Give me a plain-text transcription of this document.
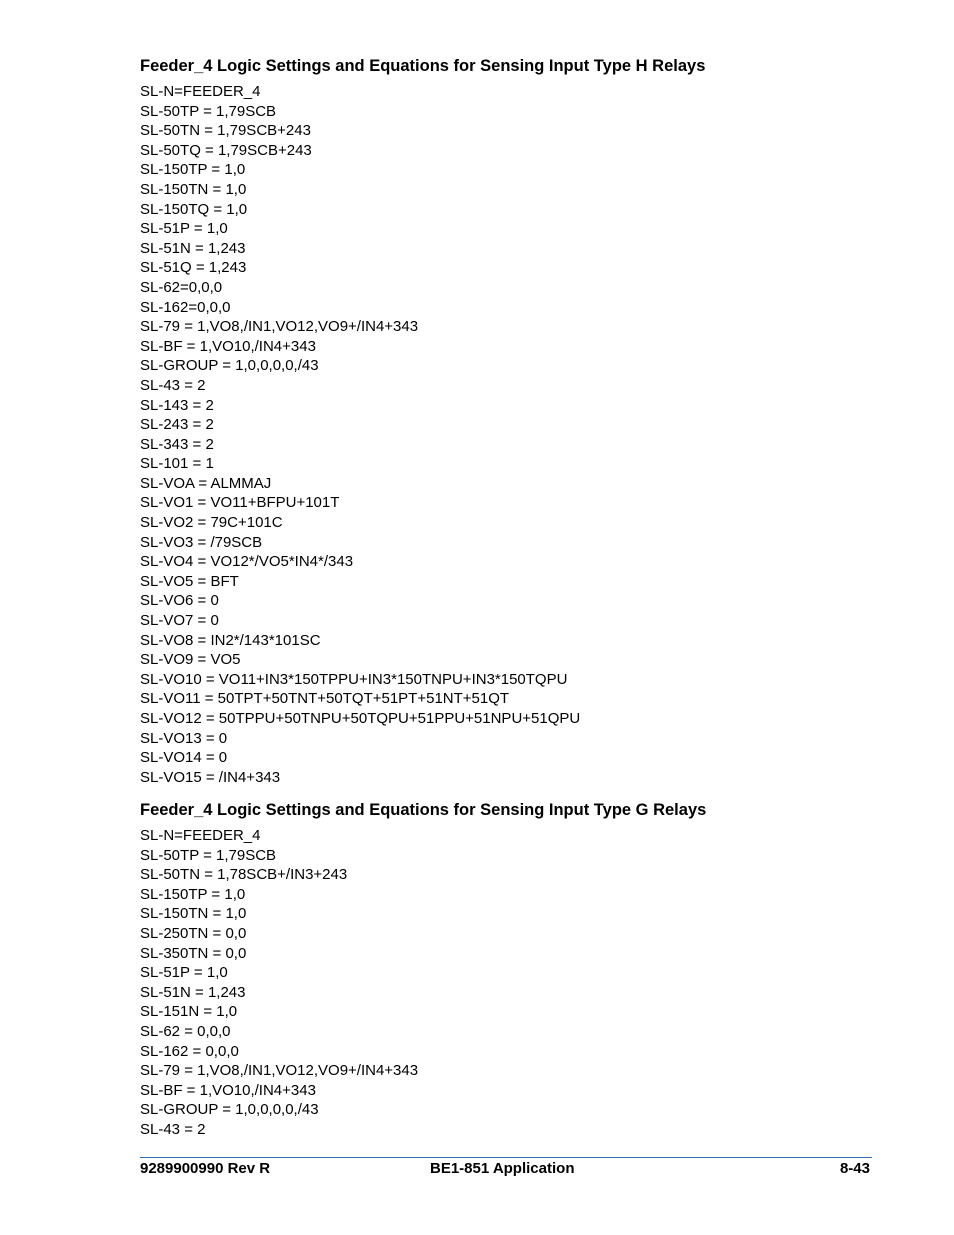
Feeder_4 Logic Settings and Equations for Sensing Input Type H Relays
SL-N=FEEDER_4
SL-50TP = 1,79SCB
SL-50TN = 1,79SCB+243
SL-50TQ = 1,79SCB+243
SL-150TP = 1,0
SL-150TN = 1,0
SL-150TQ = 1,0
SL-51P = 1,0
SL-51N = 1,243
SL-51Q = 1,243
SL-62=0,0,0
SL-162=0,0,0
SL-79 = 1,VO8,/IN1,VO12,VO9+/IN4+343
SL-BF = 1,VO10,/IN4+343
SL-GROUP = 1,0,0,0,0,/43
SL-43 = 2
SL-143 = 2
SL-243 = 2
SL-343 = 2
SL-101 = 1
SL-VOA = ALMMAJ
SL-VO1 = VO11+BFPU+101T
SL-VO2 = 79C+101C
SL-VO3 = /79SCB
SL-VO4 = VO12*/VO5*IN4*/343
SL-VO5 = BFT
SL-VO6 = 0
SL-VO7 = 0
SL-VO8 = IN2*/143*101SC
SL-VO9 = VO5
SL-VO10 = VO11+IN3*150TPPU+IN3*150TNPU+IN3*150TQPU
SL-VO11 = 50TPT+50TNT+50TQT+51PT+51NT+51QT
SL-VO12 = 50TPPU+50TNPU+50TQPU+51PPU+51NPU+51QPU
SL-VO13 = 0
SL-VO14 = 0
SL-VO15 = /IN4+343
Feeder_4 Logic Settings and Equations for Sensing Input Type G Relays
SL-N=FEEDER_4
SL-50TP = 1,79SCB
SL-50TN = 1,78SCB+/IN3+243
SL-150TP = 1,0
SL-150TN = 1,0
SL-250TN = 0,0
SL-350TN = 0,0
SL-51P = 1,0
SL-51N = 1,243
SL-151N = 1,0
SL-62 = 0,0,0
SL-162 = 0,0,0
SL-79 = 1,VO8,/IN1,VO12,VO9+/IN4+343
SL-BF = 1,VO10,/IN4+343
SL-GROUP = 1,0,0,0,0,/43
SL-43 = 2
9289900990 Rev R	BE1-851 Application	8-43
